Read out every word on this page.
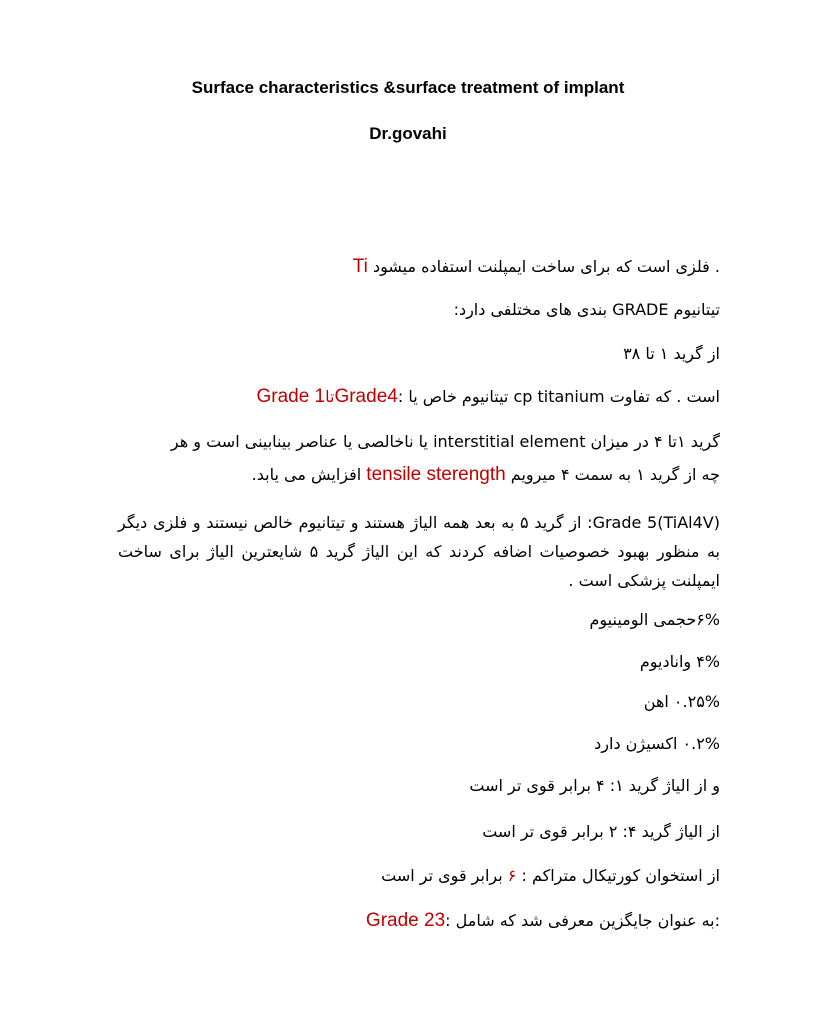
Surface characteristics &surface treatment of implant
Dr.govahi
Ti فلزی است که برای ساخت ایمپلنت استفاده میشود .
تیتانیوم GRADE بندی های مختلفی دارد:
از گرید ۱ تا ۳۸
Grade 1تاGrade4: تیتانیوم خاص یا cp titanium است . که تفاوت
گرید ۱تا ۴ در میزان interstitial element یا ناخالصی یا عناصر بینابینی است و هر
چه از گرید ۱ به سمت ۴ میرویم tensile sterength افزایش می یابد.
(TiAl4V)Grade 5: از گرید ۵ به بعد همه الیاژ هستند و تیتانیوم خالص نیستند و فلزی دیگر به منظور بهبود خصوصیات اضافه کردند که این الیاژ گرید ۵ شایعترین الیاژ برای ساخت ایمپلنت پزشکی است .
۶%حجمی الومینیوم
۴% وانادیوم
۰.۲۵% اهن
۰.۲% اکسیژن دارد
و از الیاژ گرید ۱: ۴ برابر قوی تر است
از الیاژ گرید ۴: ۲ برابر قوی تر است
از استخوان کورتیکال متراکم : ۶ برابر قوی تر است
Grade 23: به عنوان جایگزین معرفی شد که شامل:
